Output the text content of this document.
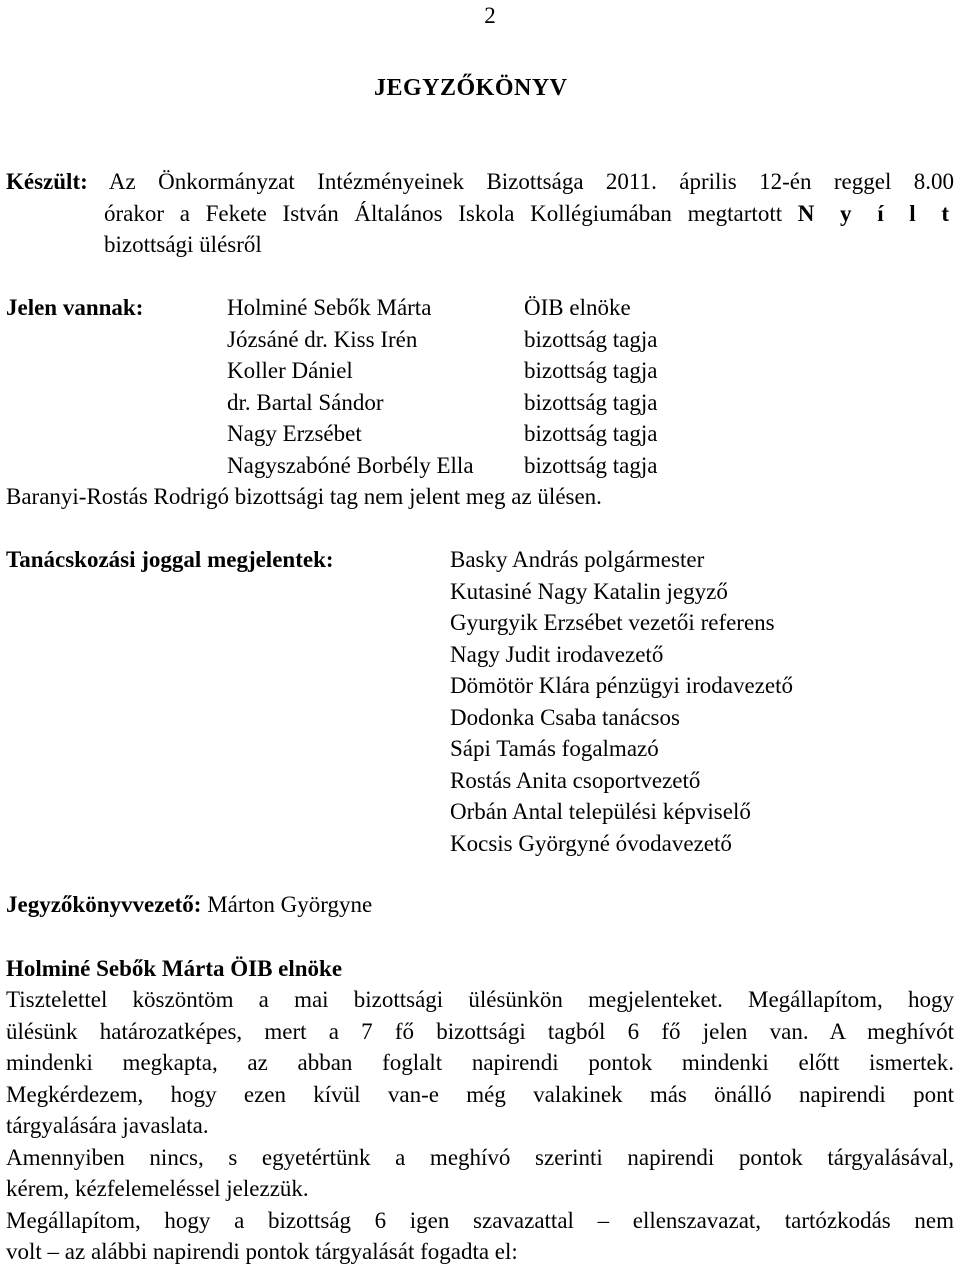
2
JEGYZŐKÖNYV
Készült: Az Önkormányzat Intézményeinek Bizottsága 2011. április 12-én reggel 8.00
órakor a Fekete István Általános Iskola Kollégiumában megtartott N y í l t
bizottsági ülésről
Jelen vannak:	Holminé Sebők Márta	ÖIB elnöke
Józsáné dr. Kiss Irén	bizottság tagja
Koller Dániel	bizottság tagja
dr. Bartal Sándor	bizottság tagja
Nagy Erzsébet	bizottság tagja
Nagyszabóné Borbély Ella	bizottság tagja
Baranyi-Rostás Rodrigó bizottsági tag nem jelent meg az ülésen.
Tanácskozási joggal megjelentek:	Basky András polgármester
Kutasiné Nagy Katalin jegyző
Gyurgyik Erzsébet vezetői referens
Nagy Judit irodavezető
Dömötör Klára pénzügyi irodavezető
Dodonka Csaba tanácsos
Sápi Tamás fogalmazó
Rostás Anita csoportvezető
Orbán Antal települési képviselő
Kocsis Györgyné óvodavezető
Jegyzőkönyvvezető: Márton Györgyne
Holminé Sebők Márta ÖIB elnöke
Tisztelettel köszöntöm a mai bizottsági ülésünkön megjelenteket. Megállapítom, hogy
ülésünk határozatképes, mert a 7 fő bizottsági tagból 6 fő jelen van. A meghívót
mindenki megkapta, az abban foglalt napirendi pontok mindenki előtt ismertek.
Megkérdezem, hogy ezen kívül van-e még valakinek más önálló napirendi pont
tárgyalására javaslata.
Amennyiben nincs, s egyetértünk a meghívó szerinti napirendi pontok tárgyalásával,
kérem, kézfelemeléssel jelezzük.
Megállapítom, hogy a bizottság 6 igen szavazattal – ellenszavazat, tartózkodás nem
volt – az alábbi napirendi pontok tárgyalását fogadta el:
